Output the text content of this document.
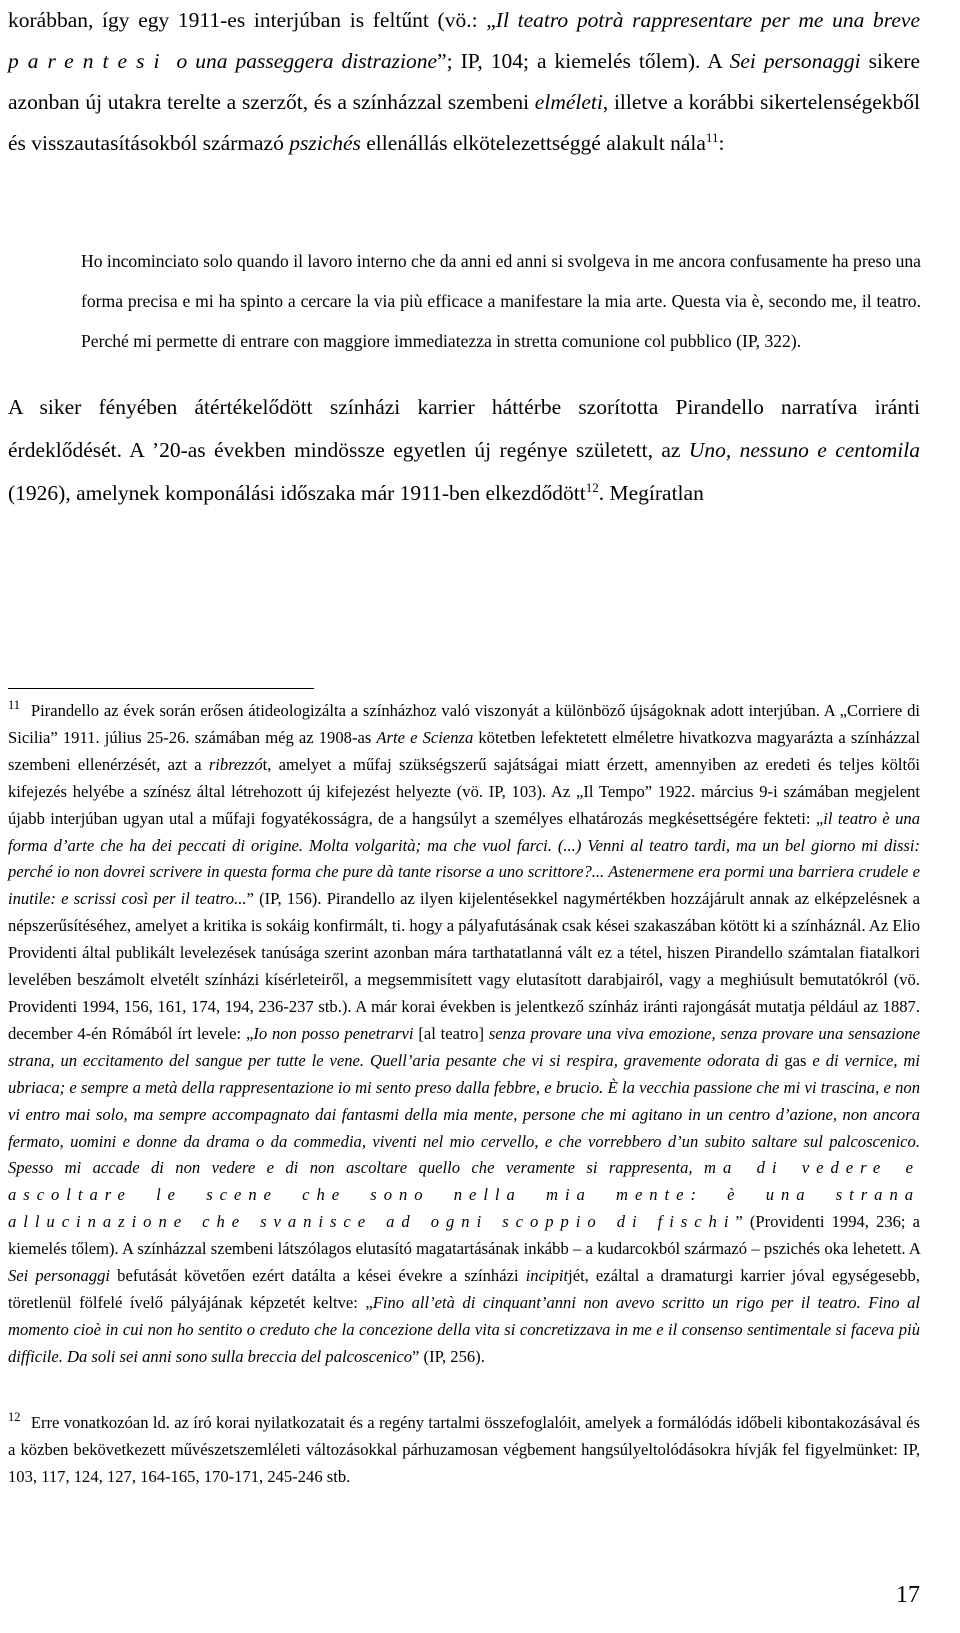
korábban, így egy 1911-es interjúban is feltűnt (vö.: „Il teatro potrà rappresentare per me una breve parentesi o una passeggera distrazione”; IP, 104; a kiemelés tőlem). A Sei personaggi sikere azonban új utakra terelte a szerzőt, és a színházzal szembeni elméleti, illetve a korábbi sikertelenségekből és visszautasításokból származó pszichés ellenállás elkötelezettséggé alakult nála$^{11}$:

Ho incominciato solo quando il lavoro interno che da anni ed anni si svolgeva in me ancora confusamente ha preso una forma precisa e mi ha spinto a cercare la via più efficace a manifestare la mia arte. Questa via è, secondo me, il teatro. Perché mi permette di entrare con maggiore immediatezza in stretta comunione col pubblico (IP, 322).

A siker fényében átértékelődött színházi karrier háttérbe szorította Pirandello narratíva iránti érdeklődését. A ’20-as években mindössze egyetlen új regénye született, az Uno, nessuno e centomila (1926), amelynek komponálási időszaka már 1911-ben elkezdődött$^{12}$. Megíratlan

$^{11}$ Pirandello az évek során erősen átideologizálta a színházhoz való viszonyát a különböző újságoknak adott interjúban. A „Corriere di Sicilia” 1911. július 25-26. számában még az 1908-as Arte e Scienza kötetben lefektetett elméletre hivatkozva magyarázta a színházzal szembeni ellenérzését, azt a ribrezzót, amelyet a műfaj szükségszerű sajátságai miatt érzett, amennyiben az eredeti és teljes költői kifejezés helyébe a színész által létrehozott új kifejezést helyezte (vö. IP, 103). Az „Il Tempo” 1922. március 9-i számában megjelent újabb interjúban ugyan utal a műfaji fogyatékosságra, de a hangsúlyt a személyes elhatározás megkésettségére fekteti: „il teatro è una forma d’arte che ha dei peccati di origine. Molta volgarità; ma che vuol farci. (...) Venni al teatro tardi, ma un bel giorno mi dissi: perché io non dovrei scrivere in questa forma che pure dà tante risorse a uno scrittore?... Astenermene era pormi una barriera crudele e inutile: e scrissi così per il teatro...” (IP, 156). Pirandello az ilyen kijelentésekkel nagymértékben hozzájárult annak az elképzelésnek a népszerűsítéséhez, amelyet a kritika is sokáig konfirmált, ti. hogy a pályafutásának csak kései szakaszában kötött ki a színháznál. Az Elio Providenti által publikált levelezések tanúsága szerint azonban mára tarthatatlanná vált ez a tétel, hiszen Pirandello számtalan fiatalkori levelében beszámolt elvetélt színházi kísérleteiről, a megsemmisített vagy elutasított darabjairól, vagy a meghiúsult bemutatókról (vö. Providenti 1994, 156, 161, 174, 194, 236-237 stb.). A már korai években is jelentkező színház iránti rajongását mutatja például az 1887. december 4-én Rómából írt levele: „Io non posso penetrarvi [al teatro] senza provare una viva emozione, senza provare una sensazione strana, un eccitamento del sangue per tutte le vene. Quell’aria pesante che vi si respira, gravemente odorata di gas e di vernice, mi ubriaca; e sempre a metà della rappresentazione io mi sento preso dalla febbre, e brucio. È la vecchia passione che mi vi trascina, e non vi entro mai solo, ma sempre accompagnato dai fantasmi della mia mente, persone che mi agitano in un centro d’azione, non ancora fermato, uomini e donne da drama o da commedia, viventi nel mio cervello, e che vorrebbero d’un subito saltare sul palcoscenico. Spesso mi accade di non vedere e di non ascoltare quello che veramente si rappresenta, ma di vedere e ascoltare le scene che sono nella mia mente: è una strana allucinazione che svanisce ad ogni scoppio di fischi” (Providenti 1994, 236; a kiemelés tőlem). A színházzal szembeni látszólagos elutasító magatartásának inkább – a kudarcokból származó – pszichés oka lehetett. A Sei personaggi befutását követően ezért datálta a kései évekre a színházi incipitjét, ezáltal a dramaturgi karrier jóval egységesebb, töretlenül fölfelé ívelő pályájának képzetét keltve: „Fino all’età di cinquant’anni non avevo scritto un rigo per il teatro. Fino al momento cioè in cui non ho sentito o creduto che la concezione della vita si concretizzava in me e il consenso sentimentale si faceva più difficile. Da soli sei anni sono sulla breccia del palcoscenico” (IP, 256).

$^{12}$ Erre vonatkozóan ld. az író korai nyilatkozatait és a regény tartalmi összefoglalóit, amelyek a formálódás időbeli kibontakozásával és a közben bekövetkezett művészetszemléleti változásokkal párhuzamosan végbement hangsúlyeltolódásokra hívják fel figyelmünket: IP, 103, 117, 124, 127, 164-165, 170-171, 245-246 stb.

17
